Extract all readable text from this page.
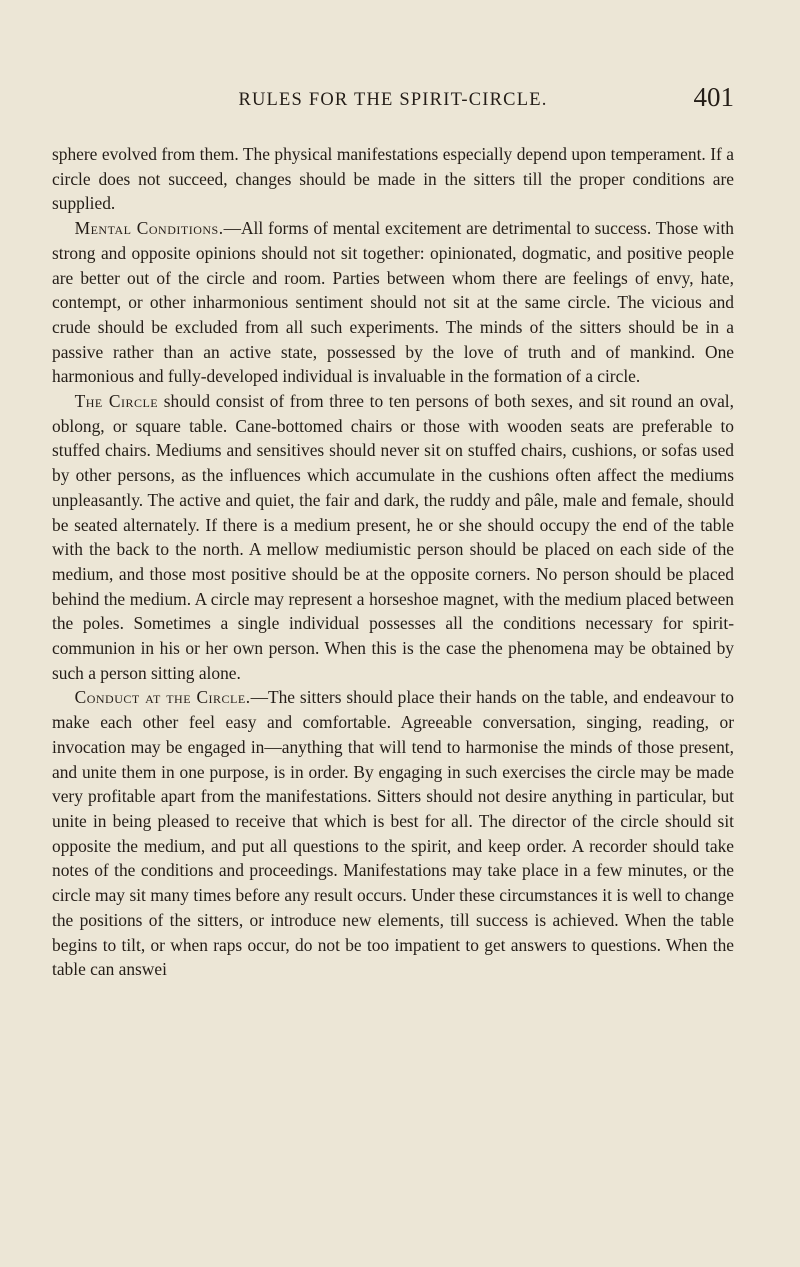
RULES FOR THE SPIRIT-CIRCLE.	401

sphere evolved from them. The physical manifestations especially depend upon temperament. If a circle does not succeed, changes should be made in the sitters till the proper conditions are supplied.

Mental Conditions.—All forms of mental excitement are detrimental to success. Those with strong and opposite opinions should not sit together: opinionated, dogmatic, and positive people are better out of the circle and room. Parties between whom there are feelings of envy, hate, contempt, or other inharmonious sentiment should not sit at the same circle. The vicious and crude should be excluded from all such experiments. The minds of the sitters should be in a passive rather than an active state, possessed by the love of truth and of mankind. One harmonious and fully-developed individual is invaluable in the formation of a circle.

The Circle should consist of from three to ten persons of both sexes, and sit round an oval, oblong, or square table. Cane-bottomed chairs or those with wooden seats are preferable to stuffed chairs. Mediums and sensitives should never sit on stuffed chairs, cushions, or sofas used by other persons, as the influences which accumulate in the cushions often affect the mediums unpleasantly. The active and quiet, the fair and dark, the ruddy and pâle, male and female, should be seated alternately. If there is a medium present, he or she should occupy the end of the table with the back to the north. A mellow mediumistic person should be placed on each side of the medium, and those most positive should be at the opposite corners. No person should be placed behind the medium. A circle may represent a horseshoe magnet, with the medium placed between the poles. Sometimes a single individual possesses all the conditions necessary for spirit-communion in his or her own person. When this is the case the phenomena may be obtained by such a person sitting alone.

Conduct at the Circle.—The sitters should place their hands on the table, and endeavour to make each other feel easy and comfortable. Agreeable conversation, singing, reading, or invocation may be engaged in—anything that will tend to harmonise the minds of those present, and unite them in one purpose, is in order. By engaging in such exercises the circle may be made very profitable apart from the manifestations. Sitters should not desire anything in particular, but unite in being pleased to receive that which is best for all. The director of the circle should sit opposite the medium, and put all questions to the spirit, and keep order. A recorder should take notes of the conditions and proceedings. Manifestations may take place in a few minutes, or the circle may sit many times before any result occurs. Under these circumstances it is well to change the positions of the sitters, or introduce new elements, till success is achieved. When the table begins to tilt, or when raps occur, do not be too impatient to get answers to questions. When the table can answei
